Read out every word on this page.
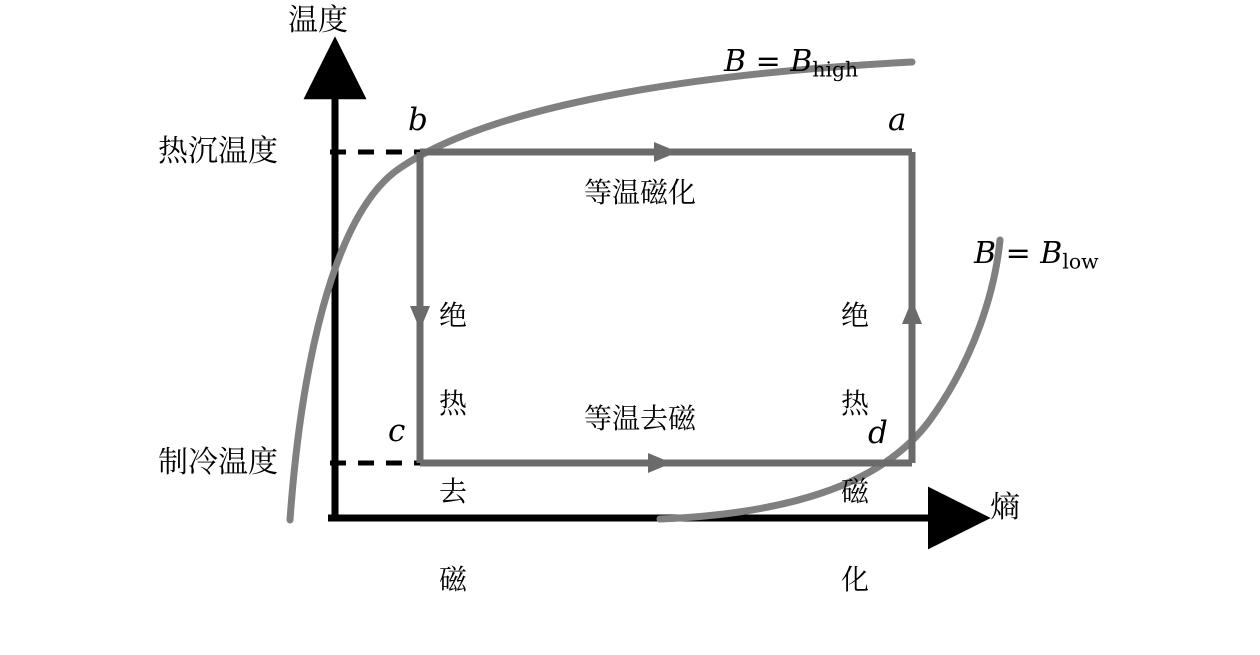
温度
熵
热沉温度
制冷温度
b	a
c	d
等温磁化
等温去磁

绝

热

去

磁

绝

热

磁

化

$B = B_{high}$

$B = B_{low}$
